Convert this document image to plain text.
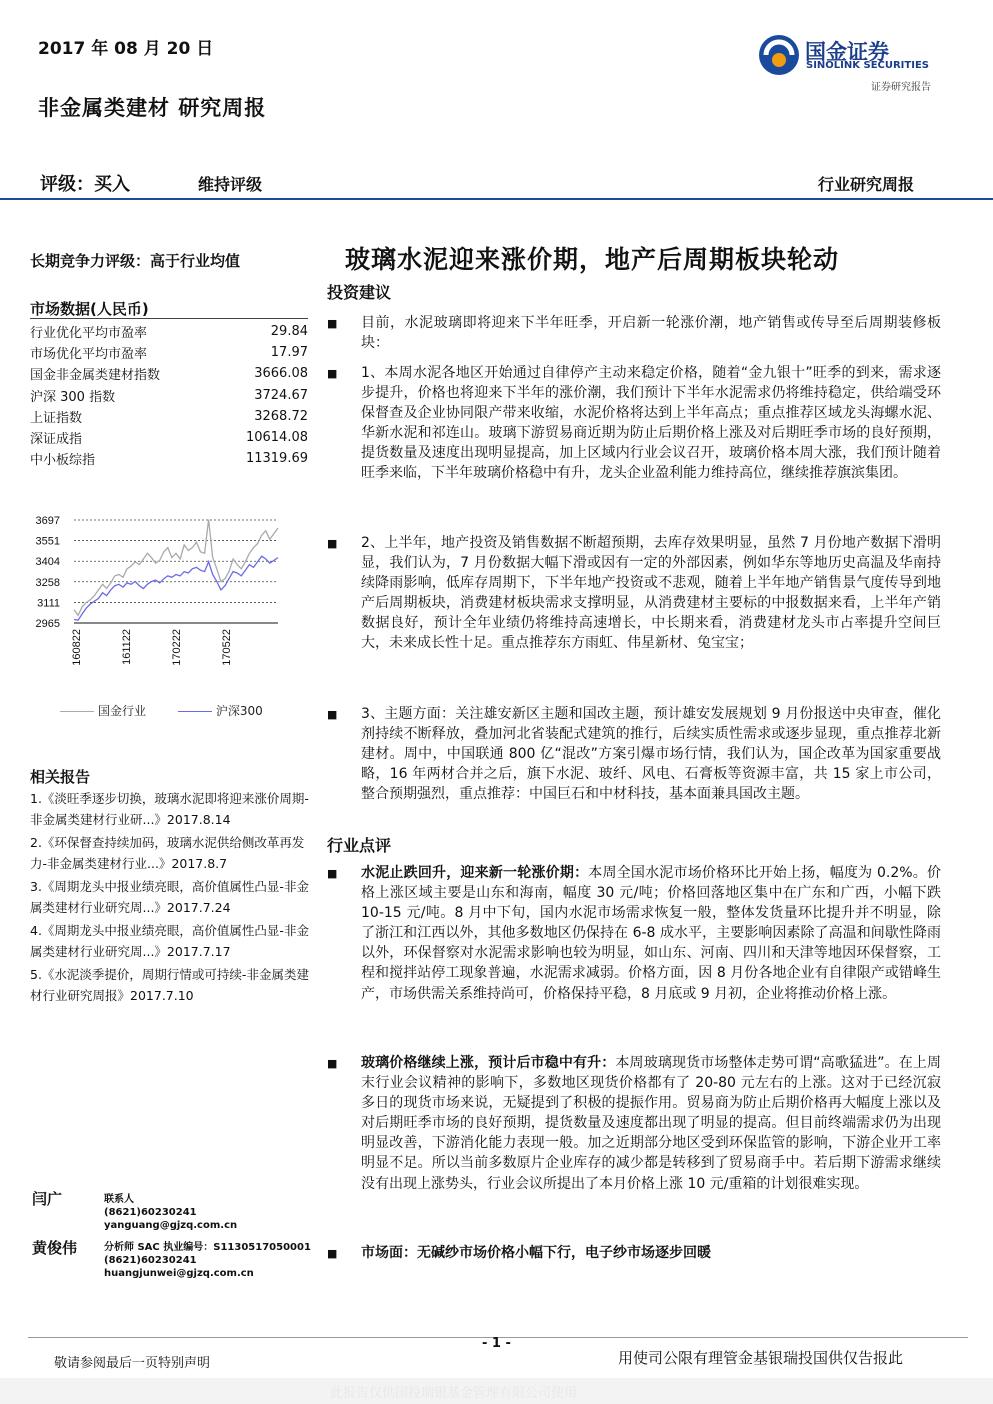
2017 年 08 月 20 日
非金属类建材 研究周报
国金证券
SINOLINK SECURITIES
证券研究报告
评级：买入	维持评级	行业研究周报
长期竞争力评级：高于行业均值
市场数据(人民币)
行业优化平均市盈率	29.84
市场优化平均市盈率	17.97
国金非金属类建材指数	3666.08
沪深 300 指数	3724.67
上证指数	3268.72
深证成指	10614.08
中小板综指	11319.69
3697
3551
3404
3258
3111
2965
160822	161122	170222	170522
国金行业	沪深300
相关报告
1.《淡旺季逐步切换，玻璃水泥即将迎来涨价周期-非金属类建材行业研...》2017.8.14
2.《环保督查持续加码，玻璃水泥供给侧改革再发力-非金属类建材行业...》2017.8.7
3.《周期龙头中报业绩亮眼，高价值属性凸显-非金属类建材行业研究周...》2017.7.24
4.《周期龙头中报业绩亮眼，高价值属性凸显-非金属类建材行业研究周...》2017.7.17
5.《水泥淡季提价，周期行情或可持续-非金属类建材行业研究周报》2017.7.10
闫广	联系人
(8621)60230241
yanguang@gjzq.com.cn
黄俊伟	分析师 SAC 执业编号：S1130517050001
(8621)60230241
huangjunwei@gjzq.com.cn
玻璃水泥迎来涨价期，地产后周期板块轮动
投资建议
■ 目前，水泥玻璃即将迎来下半年旺季，开启新一轮涨价潮，地产销售或传导至后周期装修板块：
■ 1、本周水泥各地区开始通过自律停产主动来稳定价格，随着“金九银十”旺季的到来，需求逐步提升，价格也将迎来下半年的涨价潮，我们预计下半年水泥需求仍将维持稳定，供给端受环保督查及企业协同限产带来收缩，水泥价格将达到上半年高点；重点推荐区域龙头海螺水泥、华新水泥和祁连山。玻璃下游贸易商近期为防止后期价格上涨及对后期旺季市场的良好预期，提货数量及速度出现明显提高，加上区域内行业会议召开，玻璃价格本周大涨，我们预计随着旺季来临，下半年玻璃价格稳中有升，龙头企业盈利能力维持高位，继续推荐旗滨集团。
■ 2、上半年，地产投资及销售数据不断超预期，去库存效果明显，虽然 7 月份地产数据下滑明显，我们认为，7 月份数据大幅下滑或因有一定的外部因素，例如华东等地历史高温及华南持续降雨影响，低库存周期下，下半年地产投资或不悲观，随着上半年地产销售景气度传导到地产后周期板块，消费建材板块需求支撑明显，从消费建材主要标的中报数据来看，上半年产销数据良好，预计全年业绩仍将维持高速增长，中长期来看，消费建材龙头市占率提升空间巨大，未来成长性十足。重点推荐东方雨虹、伟星新材、兔宝宝；
■ 3、主题方面：关注雄安新区主题和国改主题，预计雄安发展规划 9 月份报送中央审查，催化剂持续不断释放，叠加河北省装配式建筑的推行，后续实质性需求或逐步显现，重点推荐北新建材。周中，中国联通 800 亿“混改”方案引爆市场行情，我们认为，国企改革为国家重要战略，16 年两材合并之后，旗下水泥、玻纤、风电、石膏板等资源丰富，共 15 家上市公司，整合预期强烈，重点推荐：中国巨石和中材科技，基本面兼具国改主题。
行业点评
■ 水泥止跌回升，迎来新一轮涨价期：本周全国水泥市场价格环比开始上扬，幅度为 0.2%。价格上涨区域主要是山东和海南，幅度 30 元/吨；价格回落地区集中在广东和广西，小幅下跌 10-15 元/吨。8 月中下旬，国内水泥市场需求恢复一般，整体发货量环比提升并不明显，除了浙江和江西以外，其他多数地区仍保持在 6-8 成水平，主要影响因素除了高温和间歇性降雨以外，环保督察对水泥需求影响也较为明显，如山东、河南、四川和天津等地因环保督察，工程和搅拌站停工现象普遍，水泥需求减弱。价格方面，因 8 月份各地企业有自律限产或错峰生产，市场供需关系维持尚可，价格保持平稳，8 月底或 9 月初，企业将推动价格上涨。
■ 玻璃价格继续上涨，预计后市稳中有升：本周玻璃现货市场整体走势可谓“高歌猛进”。在上周末行业会议精神的影响下，多数地区现货价格都有了 20-80 元左右的上涨。这对于已经沉寂多日的现货市场来说，无疑提到了积极的提振作用。贸易商为防止后期价格再大幅度上涨以及对后期旺季市场的良好预期，提货数量及速度都出现了明显的提高。但目前终端需求仍为出现明显改善，下游消化能力表现一般。加之近期部分地区受到环保监管的影响，下游企业开工率明显不足。所以当前多数原片企业库存的减少都是转移到了贸易商手中。若后期下游需求继续没有出现上涨势头，行业会议所提出了本月价格上涨 10 元/重箱的计划很难实现。
■ 市场面：无碱纱市场价格小幅下行，电子纱市场逐步回暖
- 1 -
敬请参阅最后一页特别声明	用使司公限有理管金基银瑞投国供仅告报此
此报告仅供国投瑞银基金管理有限公司使用
